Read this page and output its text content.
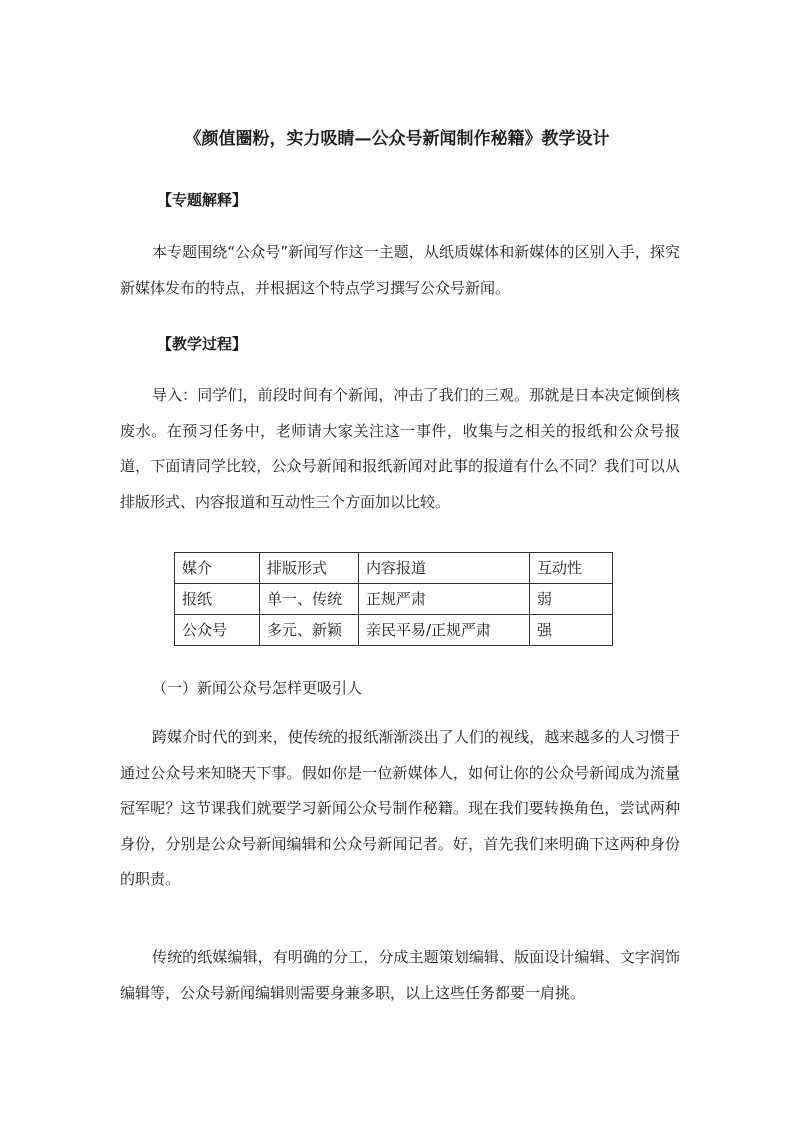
《颜值圈粉，实力吸睛—公众号新闻制作秘籍》教学设计
【专题解释】

本专题围绕“公众号”新闻写作这一主题，从纸质媒体和新媒体的区别入手，探究新媒体发布的特点，并根据这个特点学习撰写公众号新闻。

【教学过程】

导入：同学们，前段时间有个新闻，冲击了我们的三观。那就是日本决定倾倒核废水。在预习任务中，老师请大家关注这一事件，收集与之相关的报纸和公众号报道，下面请同学比较，公众号新闻和报纸新闻对此事的报道有什么不同？我们可以从排版形式、内容报道和互动性三个方面加以比较。

媒介	排版形式	内容报道	互动性
报纸	单一、传统	正规严肃	弱
公众号	多元、新颖	亲民平易/正规严肃	强
（一）新闻公众号怎样更吸引人

跨媒介时代的到来，使传统的报纸渐渐淡出了人们的视线，越来越多的人习惯于通过公众号来知晓天下事。假如你是一位新媒体人，如何让你的公众号新闻成为流量冠军呢？这节课我们就要学习新闻公众号制作秘籍。现在我们要转换角色，尝试两种身份，分别是公众号新闻编辑和公众号新闻记者。好，首先我们来明确下这两种身份的职责。

传统的纸媒编辑，有明确的分工，分成主题策划编辑、版面设计编辑、文字润饰编辑等，公众号新闻编辑则需要身兼多职，以上这些任务都要一肩挑。
